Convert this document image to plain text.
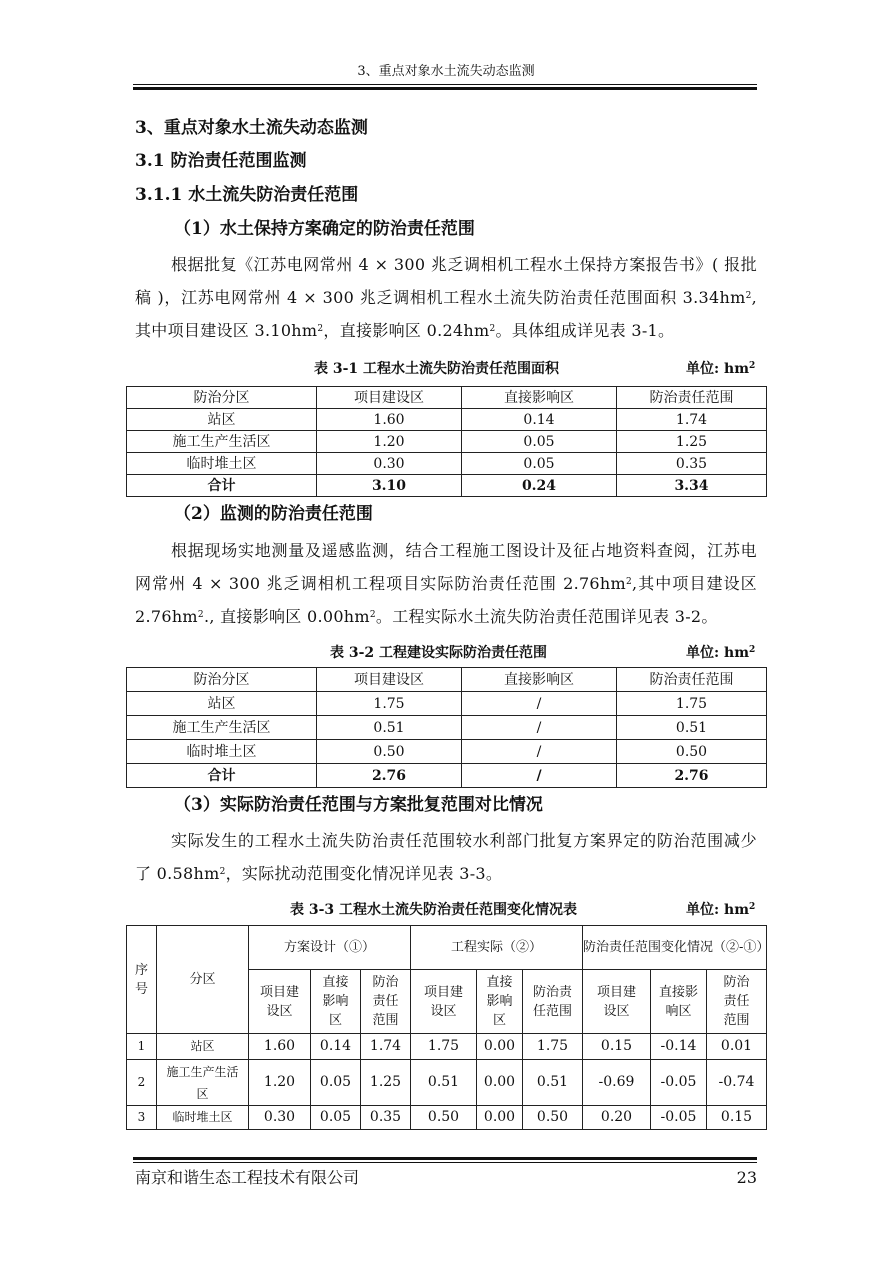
3、重点对象水土流失动态监测
3、重点对象水土流失动态监测
3.1 防治责任范围监测
3.1.1 水土流失防治责任范围
（1）水土保持方案确定的防治责任范围
根据批复《江苏电网常州 4 × 300 兆乏调相机工程水土保持方案报告书》( 报批稿 )，江苏电网常州 4 × 300 兆乏调相机工程水土流失防治责任范围面积 $3.34hm^2$,其中项目建设区 $3.10hm^2$，直接影响区 $0.24hm^2$。具体组成详见表 3-1。
表 3-1 工程水土流失防治责任范围面积	单位: $hm^2$
防治分区	项目建设区	直接影响区	防治责任范围
站区	1.60	0.14	1.74
施工生产生活区	1.20	0.05	1.25
临时堆土区	0.30	0.05	0.35
合计	3.10	0.24	3.34
（2）监测的防治责任范围
根据现场实地测量及遥感监测，结合工程施工图设计及征占地资料查阅，江苏电网常州 4 × 300 兆乏调相机工程项目实际防治责任范围 $2.76hm^2$,其中项目建设区 $2.76hm^2$., 直接影响区 $0.00hm^2$。工程实际水土流失防治责任范围详见表 3-2。
表 3-2 工程建设实际防治责任范围	单位: $hm^2$
防治分区	项目建设区	直接影响区	防治责任范围
站区	1.75	/	1.75
施工生产生活区	0.51	/	0.51
临时堆土区	0.50	/	0.50
合计	2.76	/	2.76
（3）实际防治责任范围与方案批复范围对比情况
实际发生的工程水土流失防治责任范围较水利部门批复方案界定的防治范围减少了 $0.58hm^2$，实际扰动范围变化情况详见表 3-3。
表 3-3 工程水土流失防治责任范围变化情况表	单位: $hm^2$
序号	分区	方案设计（①）			工程实际（②）			防治责任范围变化情况（②-①）		
		项目建设区	直接影响区	防治责任范围	项目建设区	直接影响区	防治责任范围	项目建设区	直接影响区	防治责任范围
1	站区	1.60	0.14	1.74	1.75	0.00	1.75	0.15	-0.14	0.01
2	施工生产生活区	1.20	0.05	1.25	0.51	0.00	0.51	-0.69	-0.05	-0.74
3	临时堆土区	0.30	0.05	0.35	0.50	0.00	0.50	0.20	-0.05	0.15
南京和谐生态工程技术有限公司	23
